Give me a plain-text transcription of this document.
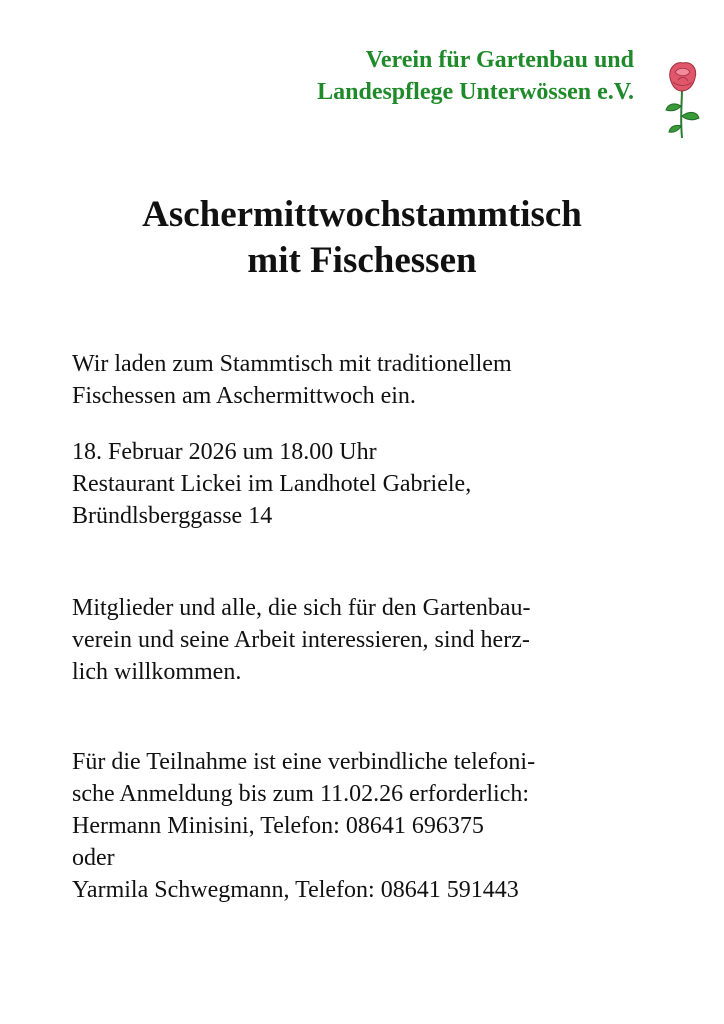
Verein für Gartenbau und
Landespflege Unterwössen e.V.
Aschermittwochstammtisch
mit Fischessen

Wir laden zum Stammtisch mit traditionellem
Fischessen am Aschermittwoch ein.

18. Februar 2026 um 18.00 Uhr
Restaurant Lickei im Landhotel Gabriele,
Bründlsberggasse 14

Mitglieder und alle, die sich für den Gartenbau-
verein und seine Arbeit interessieren, sind herz-
lich willkommen.

Für die Teilnahme ist eine verbindliche telefoni-
sche Anmeldung bis zum 11.02.26 erforderlich:
Hermann Minisini, Telefon: 08641 696375
oder
Yarmila Schwegmann, Telefon: 08641 591443
